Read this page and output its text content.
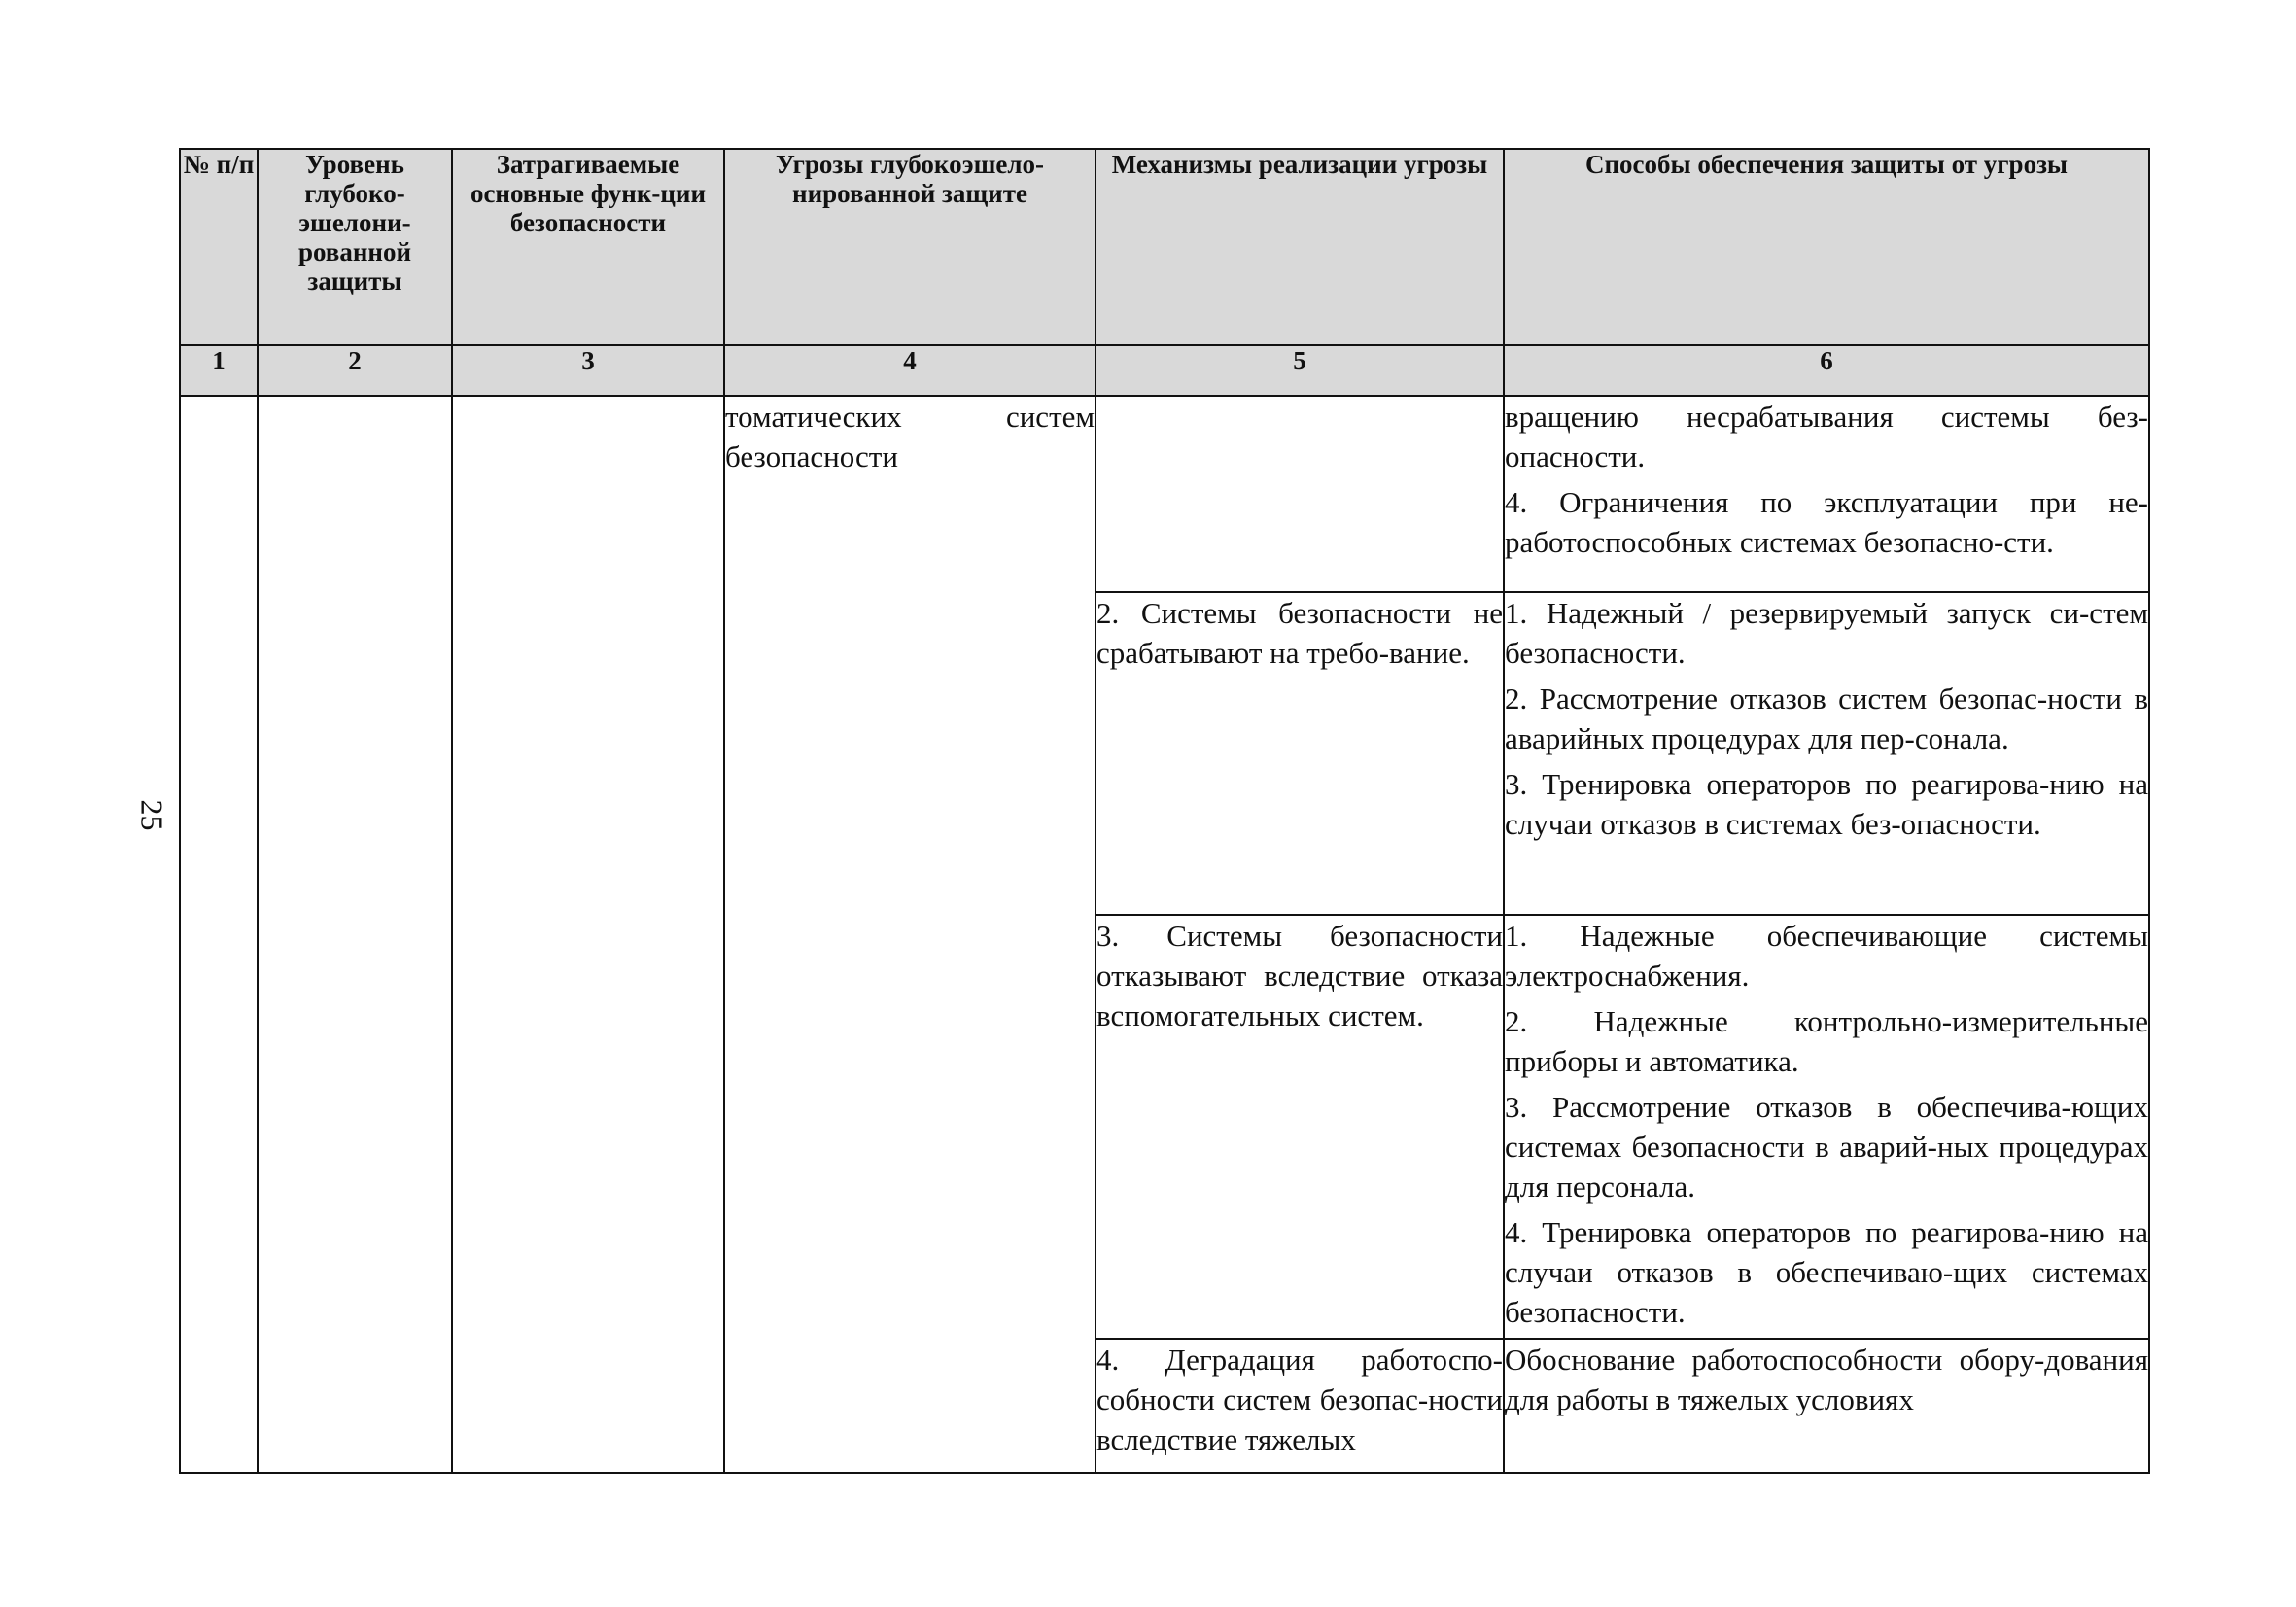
25
№ п/п	Уровень глубоко-эшелони-рованной защиты	Затрагиваемые основные функ-ции безопасности	Угрозы глубокоэшело-нированной защите	Механизмы реализации угрозы	Способы обеспечения защиты от угрозы
1	2	3	4	5	6

			томатических систем безопасности		вращению несрабатывания системы без-опасности.

4. Ограничения по эксплуатации при не-работоспособных системах безопасно-сти.

				2. Системы безопасности не срабатывают на требо-вание.	1. Надежный / резервируемый запуск си-стем безопасности.

2. Рассмотрение отказов систем безопас-ности в аварийных процедурах для пер-сонала.

3. Тренировка операторов по реагирова-нию на случаи отказов в системах без-опасности.

				3. Системы безопасности отказывают вследствие отказа вспомогательных систем.	1. Надежные обеспечивающие системы электроснабжения.

2. Надежные контрольно-измерительные приборы и автоматика.

3. Рассмотрение отказов в обеспечива-ющих системах безопасности в аварий-ных процедурах для персонала.

4. Тренировка операторов по реагирова-нию на случаи отказов в обеспечиваю-щих системах безопасности.

				4. Деградация работоспо-собности систем безопас-ности вследствие тяжелых	Обоснование работоспособности обору-дования для работы в тяжелых условиях
